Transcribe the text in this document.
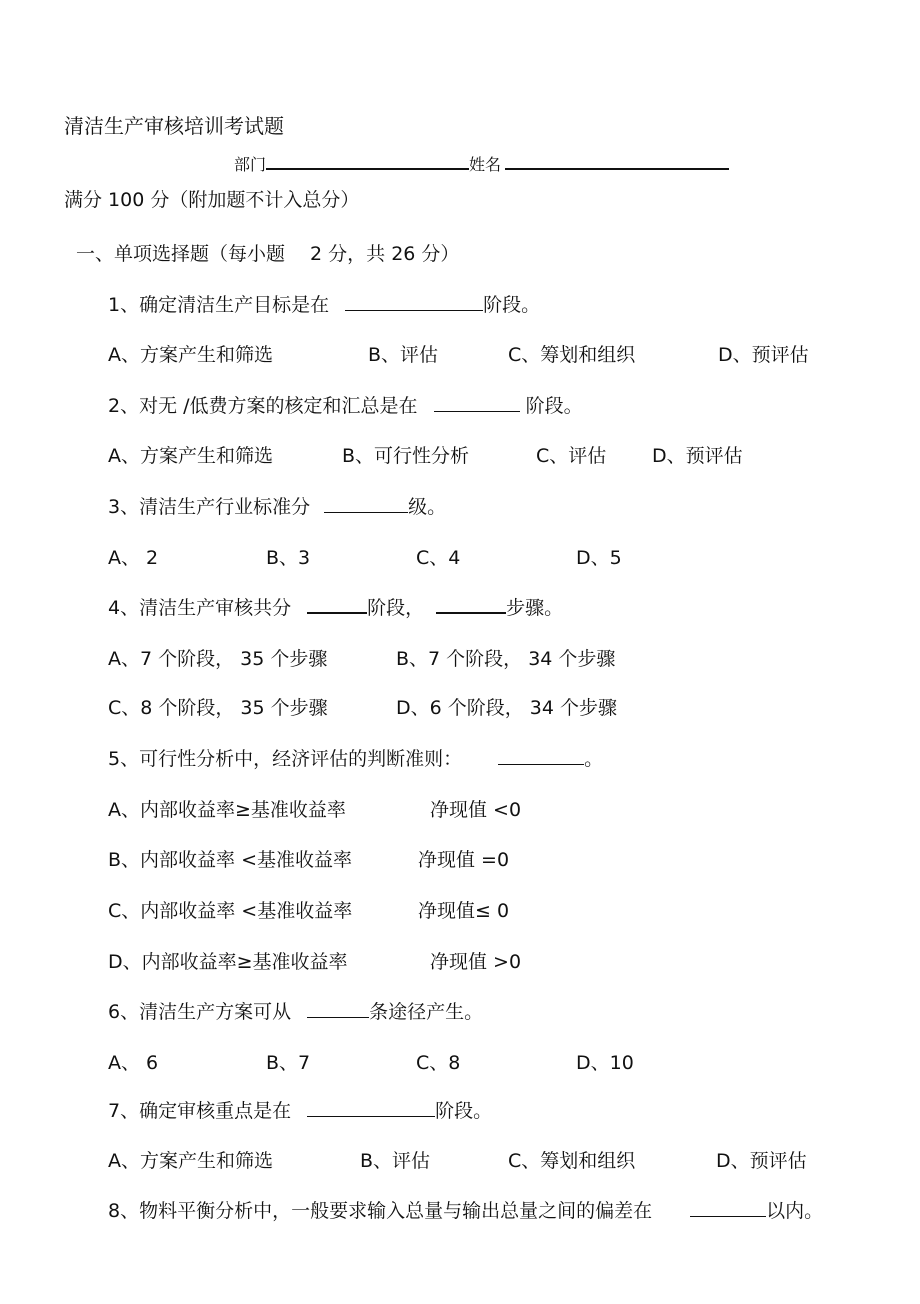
清洁生产审核培训考试题
部门	姓名
满分 100 分（附加题不计入总分）
一、单项选择题（每小题　 2 分，共 26 分）
1、确定清洁生产目标是在	阶段。
A、方案产生和筛选	B、评估	C、筹划和组织	D、预评估
2、对无 /低费方案的核定和汇总是在	阶段。
A、方案产生和筛选	B、可行性分析	C、评估 D、预评估
3、清洁生产行业标准分	级。
A、 2	B、3	C、4	D、5
4、清洁生产审核共分	阶段，	步骤。
A、7 个阶段， 35 个步骤	B、7 个阶段， 34 个步骤
C、8 个阶段， 35 个步骤	D、6 个阶段， 34 个步骤
5、可行性分析中，经济评估的判断准则：	。
A、内部收益率≥基准收益率	净现值 <0
B、内部收益率 <基准收益率	净现值 =0
C、内部收益率 <基准收益率	净现值≤ 0
D、内部收益率≥基准收益率	净现值 >0
6、清洁生产方案可从	条途径产生。
A、 6	B、7	C、8	D、10
7、确定审核重点是在	阶段。
A、方案产生和筛选	B、评估	C、筹划和组织	D、预评估
8、物料平衡分析中，一般要求输入总量与输出总量之间的偏差在	以内。
